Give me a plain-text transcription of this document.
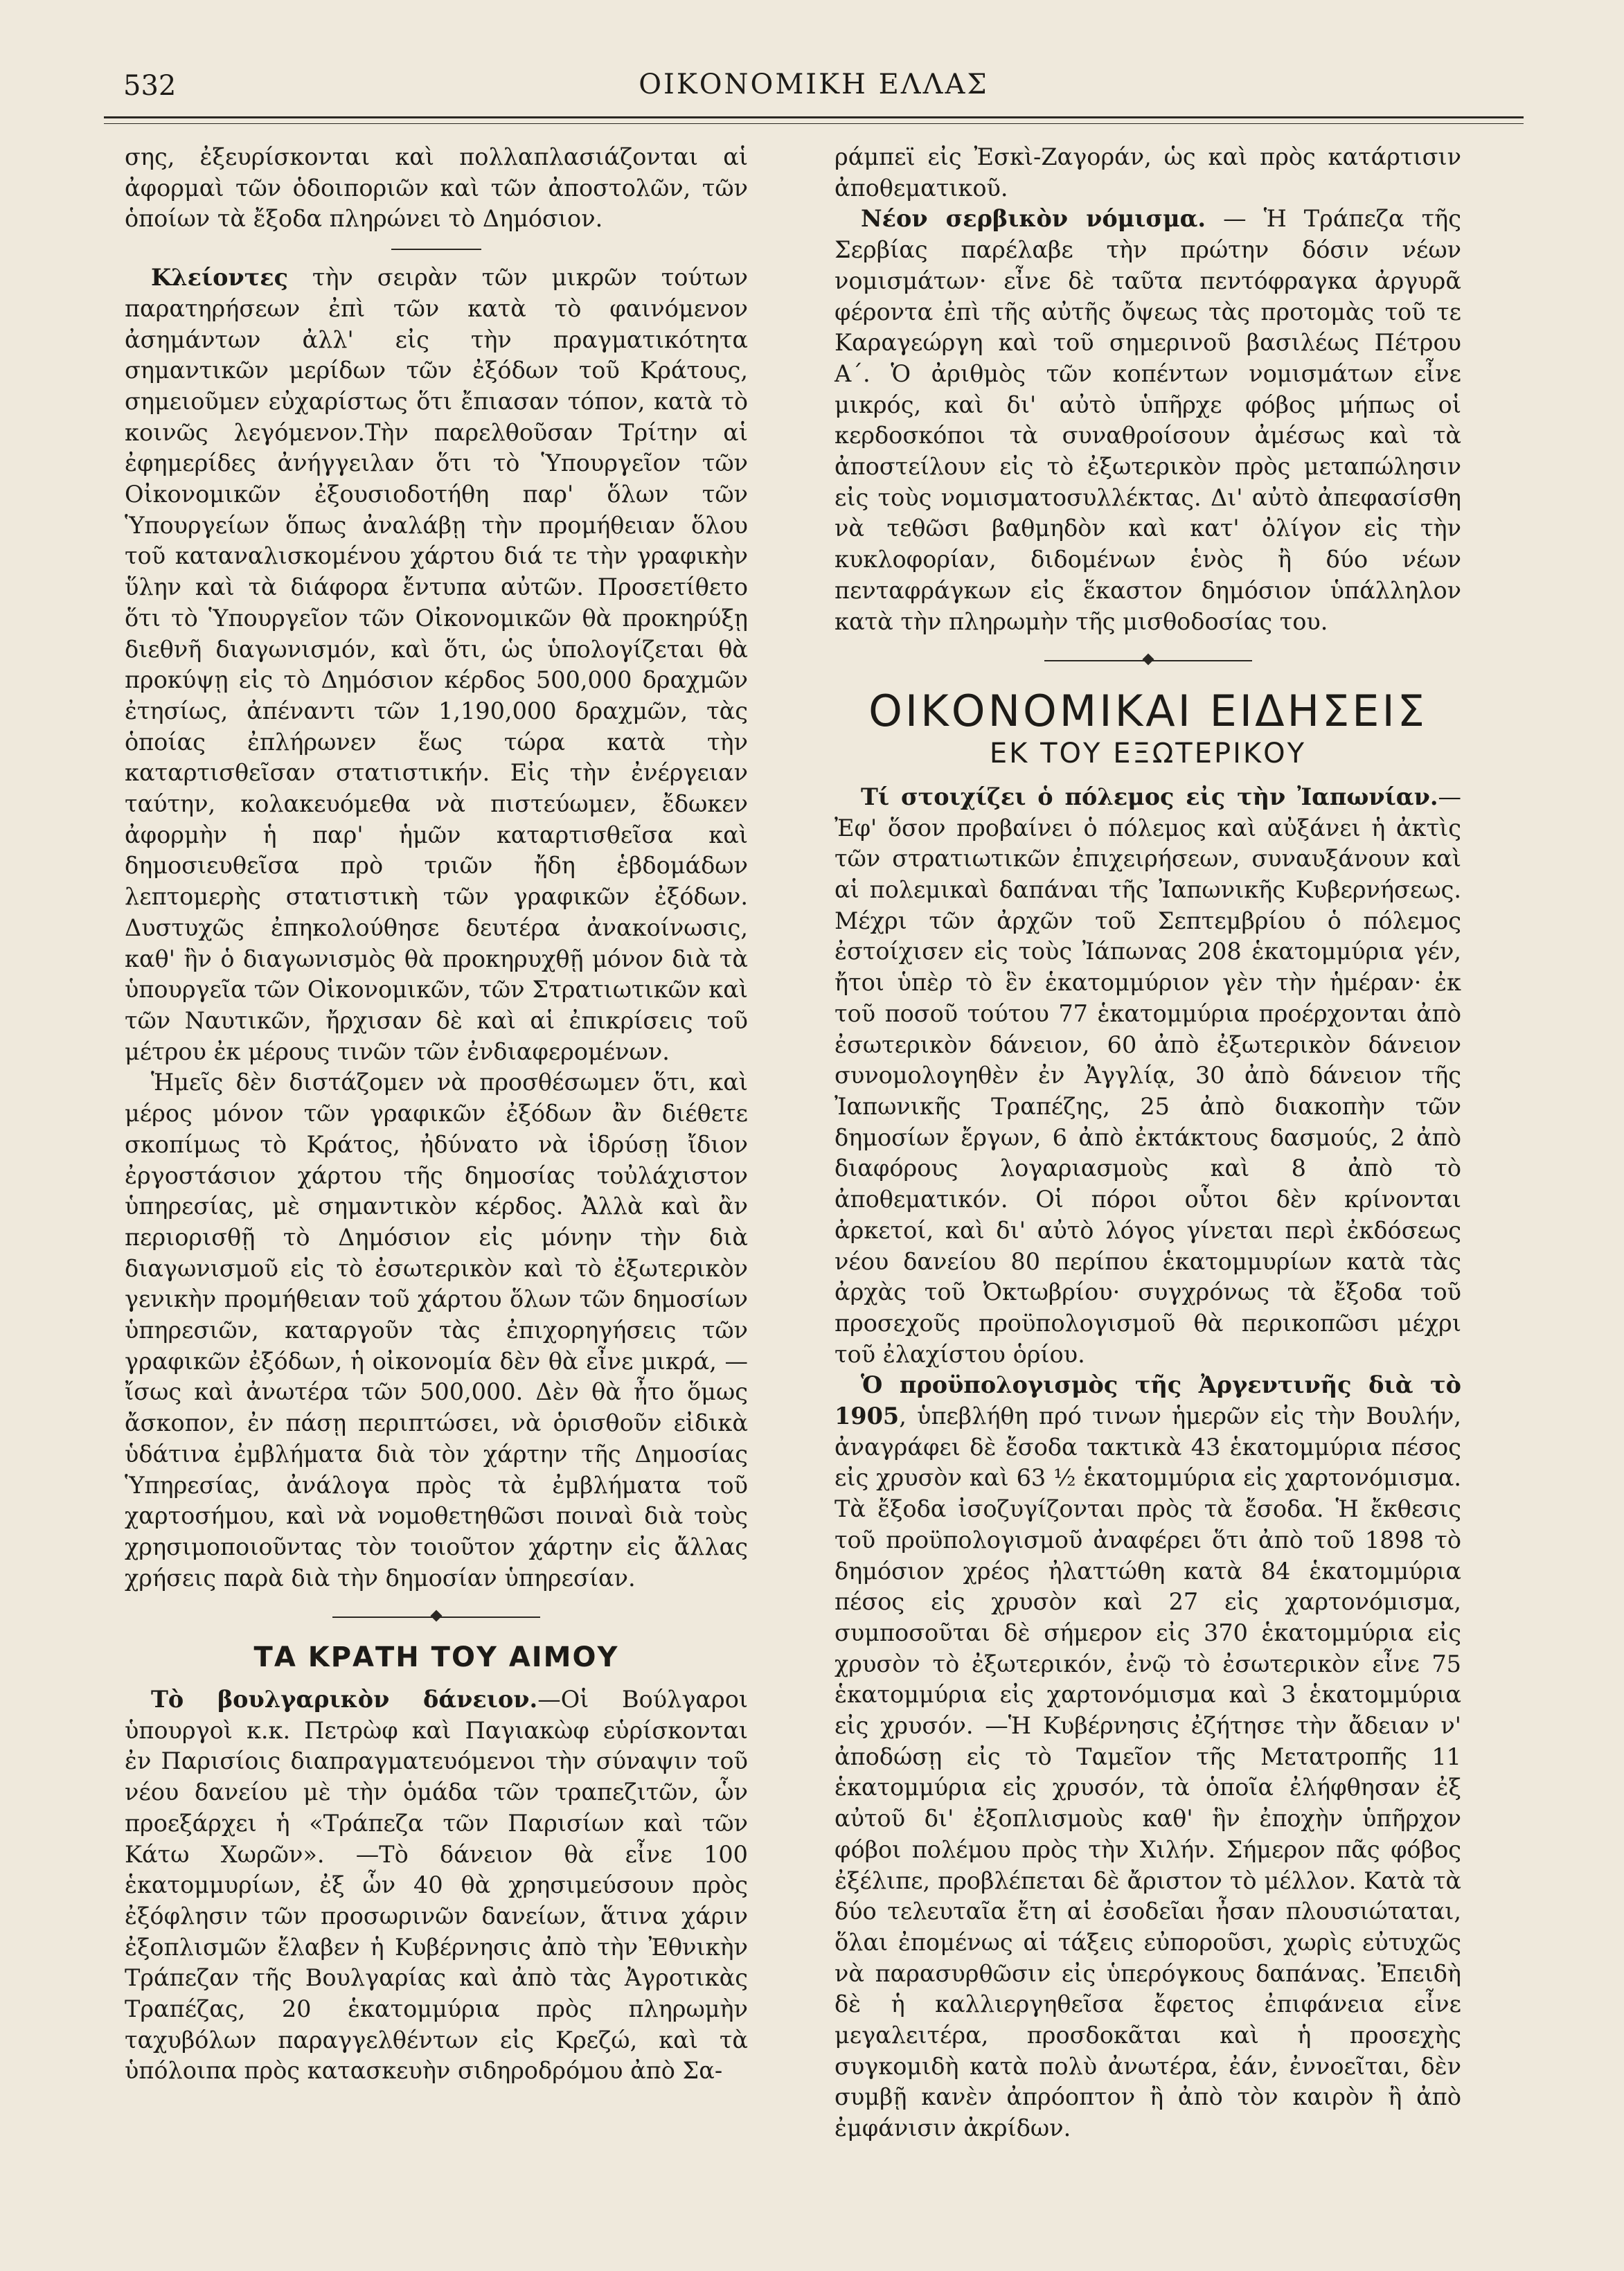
532	ΟΙΚΟΝΟΜΙΚΗ ΕΛΛΑΣ

σης, ἐξευρίσκονται καὶ πολλαπλασιάζονται αἱ ἀφορμαὶ τῶν ὁδοιποριῶν καὶ τῶν ἀποστολῶν, τῶν ὁποίων τὰ ἔξοδα πληρώνει τὸ Δημόσιον.

Κλείοντες τὴν σειρὰν τῶν μικρῶν τούτων παρατηρήσεων ἐπὶ τῶν κατὰ τὸ φαινόμενον ἀσημάντων ἀλλ' εἰς τὴν πραγματικότητα σημαντικῶν μερίδων τῶν ἐξόδων τοῦ Κράτους, σημειοῦμεν εὐχαρίστως ὅτι ἔπιασαν τόπον, κατὰ τὸ κοινῶς λεγόμενον.Τὴν παρελθοῦσαν Τρίτην αἱ ἐφημερίδες ἀνήγγειλαν ὅτι τὸ Ὑπουργεῖον τῶν Οἰκονομικῶν ἐξουσιοδοτήθη παρ' ὅλων τῶν Ὑπουργείων ὅπως ἀναλάβῃ τὴν προμήθειαν ὅλου τοῦ καταναλισκομένου χάρτου διά τε τὴν γραφικὴν ὕλην καὶ τὰ διάφορα ἔντυπα αὐτῶν. Προσετίθετο ὅτι τὸ Ὑπουργεῖον τῶν Οἰκονομικῶν θὰ προκηρύξῃ διεθνῆ διαγωνισμόν, καὶ ὅτι, ὡς ὑπολογίζεται θὰ προκύψῃ εἰς τὸ Δημόσιον κέρδος 500,000 δραχμῶν ἐτησίως, ἀπέναντι τῶν 1,190,000 δραχμῶν, τὰς ὁποίας ἐπλήρωνεν ἕως τώρα κατὰ τὴν καταρτισθεῖσαν στατιστικήν. Εἰς τὴν ἐνέργειαν ταύτην, κολακευόμεθα νὰ πιστεύωμεν, ἔδωκεν ἀφορμὴν ἡ παρ' ἡμῶν καταρτισθεῖσα καὶ δημοσιευθεῖσα πρὸ τριῶν ἤδη ἑβδομάδων λεπτομερὴς στατιστικὴ τῶν γραφικῶν ἐξόδων. Δυστυχῶς ἐπηκολούθησε δευτέρα ἀνακοίνωσις, καθ' ἣν ὁ διαγωνισμὸς θὰ προκηρυχθῇ μόνον διὰ τὰ ὑπουργεῖα τῶν Οἰκονομικῶν, τῶν Στρατιωτικῶν καὶ τῶν Ναυτικῶν, ἤρχισαν δὲ καὶ αἱ ἐπικρίσεις τοῦ μέτρου ἐκ μέρους τινῶν τῶν ἐνδιαφερομένων.

Ἡμεῖς δὲν διστάζομεν νὰ προσθέσωμεν ὅτι, καὶ μέρος μόνον τῶν γραφικῶν ἐξόδων ἂν διέθετε σκοπίμως τὸ Κράτος, ἠδύνατο νὰ ἱδρύσῃ ἴδιον ἐργοστάσιον χάρτου τῆς δημοσίας τοὐλάχιστον ὑπηρεσίας, μὲ σημαντικὸν κέρδος. Ἀλλὰ καὶ ἂν περιορισθῇ τὸ Δημόσιον εἰς μόνην τὴν διὰ διαγωνισμοῦ εἰς τὸ ἐσωτερικὸν καὶ τὸ ἐξωτερικὸν γενικὴν προμήθειαν τοῦ χάρτου ὅλων τῶν δημοσίων ὑπηρεσιῶν, καταργοῦν τὰς ἐπιχορηγήσεις τῶν γραφικῶν ἐξόδων, ἡ οἰκονομία δὲν θὰ εἶνε μικρά, —ἴσως καὶ ἀνωτέρα τῶν 500,000. Δὲν θὰ ἦτο ὅμως ἄσκοπον, ἐν πάσῃ περιπτώσει, νὰ ὁρισθοῦν εἰδικὰ ὑδάτινα ἐμβλήματα διὰ τὸν χάρτην τῆς Δημοσίας Ὑπηρεσίας, ἀνάλογα πρὸς τὰ ἐμβλήματα τοῦ χαρτοσήμου, καὶ νὰ νομοθετηθῶσι ποιναὶ διὰ τοὺς χρησιμοποιοῦντας τὸν τοιοῦτον χάρτην εἰς ἄλλας χρήσεις παρὰ διὰ τὴν δημοσίαν ὑπηρεσίαν.

ΤΑ ΚΡΑΤΗ ΤΟΥ ΑΙΜΟΥ

Τὸ βουλγαρικὸν δάνειον.—Οἱ Βούλγαροι ὑπουργοὶ κ.κ. Πετρὼφ καὶ Παγιακὼφ εὑρίσκονται ἐν Παρισίοις διαπραγματευόμενοι τὴν σύναψιν τοῦ νέου δανείου μὲ τὴν ὁμάδα τῶν τραπεζιτῶν, ὧν προεξάρχει ἡ «Τράπεζα τῶν Παρισίων καὶ τῶν Κάτω Χωρῶν». —Τὸ δάνειον θὰ εἶνε 100 ἑκατομμυρίων, ἐξ ὧν 40 θὰ χρησιμεύσουν πρὸς ἐξόφλησιν τῶν προσωρινῶν δανείων, ἅτινα χάριν ἐξοπλισμῶν ἔλαβεν ἡ Κυβέρνησις ἀπὸ τὴν Ἐθνικὴν Τράπεζαν τῆς Βουλγαρίας καὶ ἀπὸ τὰς Ἀγροτικὰς Τραπέζας, 20 ἑκατομμύρια πρὸς πληρωμὴν ταχυβόλων παραγγελθέντων εἰς Κρεζώ, καὶ τὰ ὑπόλοιπα πρὸς κατασκευὴν σιδηροδρόμου ἀπὸ Σα-

ράμπεϊ εἰς Ἐσκὶ-Ζαγοράν, ὡς καὶ πρὸς κατάρτισιν ἀποθεματικοῦ.

Νέον σερβικὸν νόμισμα. — Ἡ Τράπεζα τῆς Σερβίας παρέλαβε τὴν πρώτην δόσιν νέων νομισμάτων· εἶνε δὲ ταῦτα πεντόφραγκα ἀργυρᾶ φέροντα ἐπὶ τῆς αὐτῆς ὄψεως τὰς προτομὰς τοῦ τε Καραγεώργη καὶ τοῦ σημερινοῦ βασιλέως Πέτρου Α΄. Ὁ ἀριθμὸς τῶν κοπέντων νομισμάτων εἶνε μικρός, καὶ δι' αὐτὸ ὑπῆρχε φόβος μήπως οἱ κερδοσκόποι τὰ συναθροίσουν ἀμέσως καὶ τὰ ἀποστείλουν εἰς τὸ ἐξωτερικὸν πρὸς μεταπώλησιν εἰς τοὺς νομισματοσυλλέκτας. Δι' αὐτὸ ἀπεφασίσθη νὰ τεθῶσι βαθμηδὸν καὶ κατ' ὀλίγον εἰς τὴν κυκλοφορίαν, διδομένων ἑνὸς ἢ δύο νέων πενταφράγκων εἰς ἕκαστον δημόσιον ὑπάλληλον κατὰ τὴν πληρωμὴν τῆς μισθοδοσίας του.

ΟΙΚΟΝΟΜΙΚΑΙ ΕΙΔΗΣΕΙΣ
ΕΚ ΤΟΥ ΕΞΩΤΕΡΙΚΟΥ

Τί στοιχίζει ὁ πόλεμος εἰς τὴν Ἰαπωνίαν.—Ἐφ' ὅσον προβαίνει ὁ πόλεμος καὶ αὐξάνει ἡ ἀκτὶς τῶν στρατιωτικῶν ἐπιχειρήσεων, συναυξάνουν καὶ αἱ πολεμικαὶ δαπάναι τῆς Ἰαπωνικῆς Κυβερνήσεως. Μέχρι τῶν ἀρχῶν τοῦ Σεπτεμβρίου ὁ πόλεμος ἐστοίχισεν εἰς τοὺς Ἰάπωνας 208 ἑκατομμύρια γέν, ἤτοι ὑπὲρ τὸ ἓν ἑκατομμύριον γὲν τὴν ἡμέραν· ἐκ τοῦ ποσοῦ τούτου 77 ἑκατομμύρια προέρχονται ἀπὸ ἐσωτερικὸν δάνειον, 60 ἀπὸ ἐξωτερικὸν δάνειον συνομολογηθὲν ἐν Ἀγγλίᾳ, 30 ἀπὸ δάνειον τῆς Ἰαπωνικῆς Τραπέζης, 25 ἀπὸ διακοπὴν τῶν δημοσίων ἔργων, 6 ἀπὸ ἐκτάκτους δασμούς, 2 ἀπὸ διαφόρους λογαριασμοὺς καὶ 8 ἀπὸ τὸ ἀποθεματικόν. Οἱ πόροι οὗτοι δὲν κρίνονται ἀρκετοί, καὶ δι' αὐτὸ λόγος γίνεται περὶ ἐκδόσεως νέου δανείου 80 περίπου ἑκατομμυρίων κατὰ τὰς ἀρχὰς τοῦ Ὀκτωβρίου· συγχρόνως τὰ ἔξοδα τοῦ προσεχοῦς προϋπολογισμοῦ θὰ περικοπῶσι μέχρι τοῦ ἐλαχίστου ὁρίου.

Ὁ προϋπολογισμὸς τῆς Ἀργεντινῆς διὰ τὸ 1905, ὑπεβλήθη πρό τινων ἡμερῶν εἰς τὴν Βουλήν, ἀναγράφει δὲ ἔσοδα τακτικὰ 43 ἑκατομμύρια πέσος εἰς χρυσὸν καὶ 63 ½ ἑκατομμύρια εἰς χαρτονόμισμα. Τὰ ἔξοδα ἰσοζυγίζονται πρὸς τὰ ἔσοδα. Ἡ ἔκθεσις τοῦ προϋπολογισμοῦ ἀναφέρει ὅτι ἀπὸ τοῦ 1898 τὸ δημόσιον χρέος ἠλαττώθη κατὰ 84 ἑκατομμύρια πέσος εἰς χρυσὸν καὶ 27 εἰς χαρτονόμισμα, συμποσοῦται δὲ σήμερον εἰς 370 ἑκατομμύρια εἰς χρυσὸν τὸ ἐξωτερικόν, ἐνῷ τὸ ἐσωτερικὸν εἶνε 75 ἑκατομμύρια εἰς χαρτονόμισμα καὶ 3 ἑκατομμύρια εἰς χρυσόν. —Ἡ Κυβέρνησις ἐζήτησε τὴν ἄδειαν ν' ἀποδώσῃ εἰς τὸ Ταμεῖον τῆς Μετατροπῆς 11 ἑκατομμύρια εἰς χρυσόν, τὰ ὁποῖα ἐλήφθησαν ἐξ αὐτοῦ δι' ἐξοπλισμοὺς καθ' ἣν ἐποχὴν ὑπῆρχον φόβοι πολέμου πρὸς τὴν Χιλήν. Σήμερον πᾶς φόβος ἐξέλιπε, προβλέπεται δὲ ἄριστον τὸ μέλλον. Κατὰ τὰ δύο τελευταῖα ἔτη αἱ ἐσοδεῖαι ἦσαν πλουσιώταται, ὅλαι ἐπομένως αἱ τάξεις εὐποροῦσι, χωρὶς εὐτυχῶς νὰ παρασυρθῶσιν εἰς ὑπερόγκους δαπάνας. Ἐπειδὴ δὲ ἡ καλλιεργηθεῖσα ἔφετος ἐπιφάνεια εἶνε μεγαλειτέρα, προσδοκᾶται καὶ ἡ προσεχὴς συγκομιδὴ κατὰ πολὺ ἀνωτέρα, ἐάν, ἐννοεῖται, δὲν συμβῇ κανὲν ἀπρόοπτον ἢ ἀπὸ τὸν καιρὸν ἢ ἀπὸ ἐμφάνισιν ἀκρίδων.
